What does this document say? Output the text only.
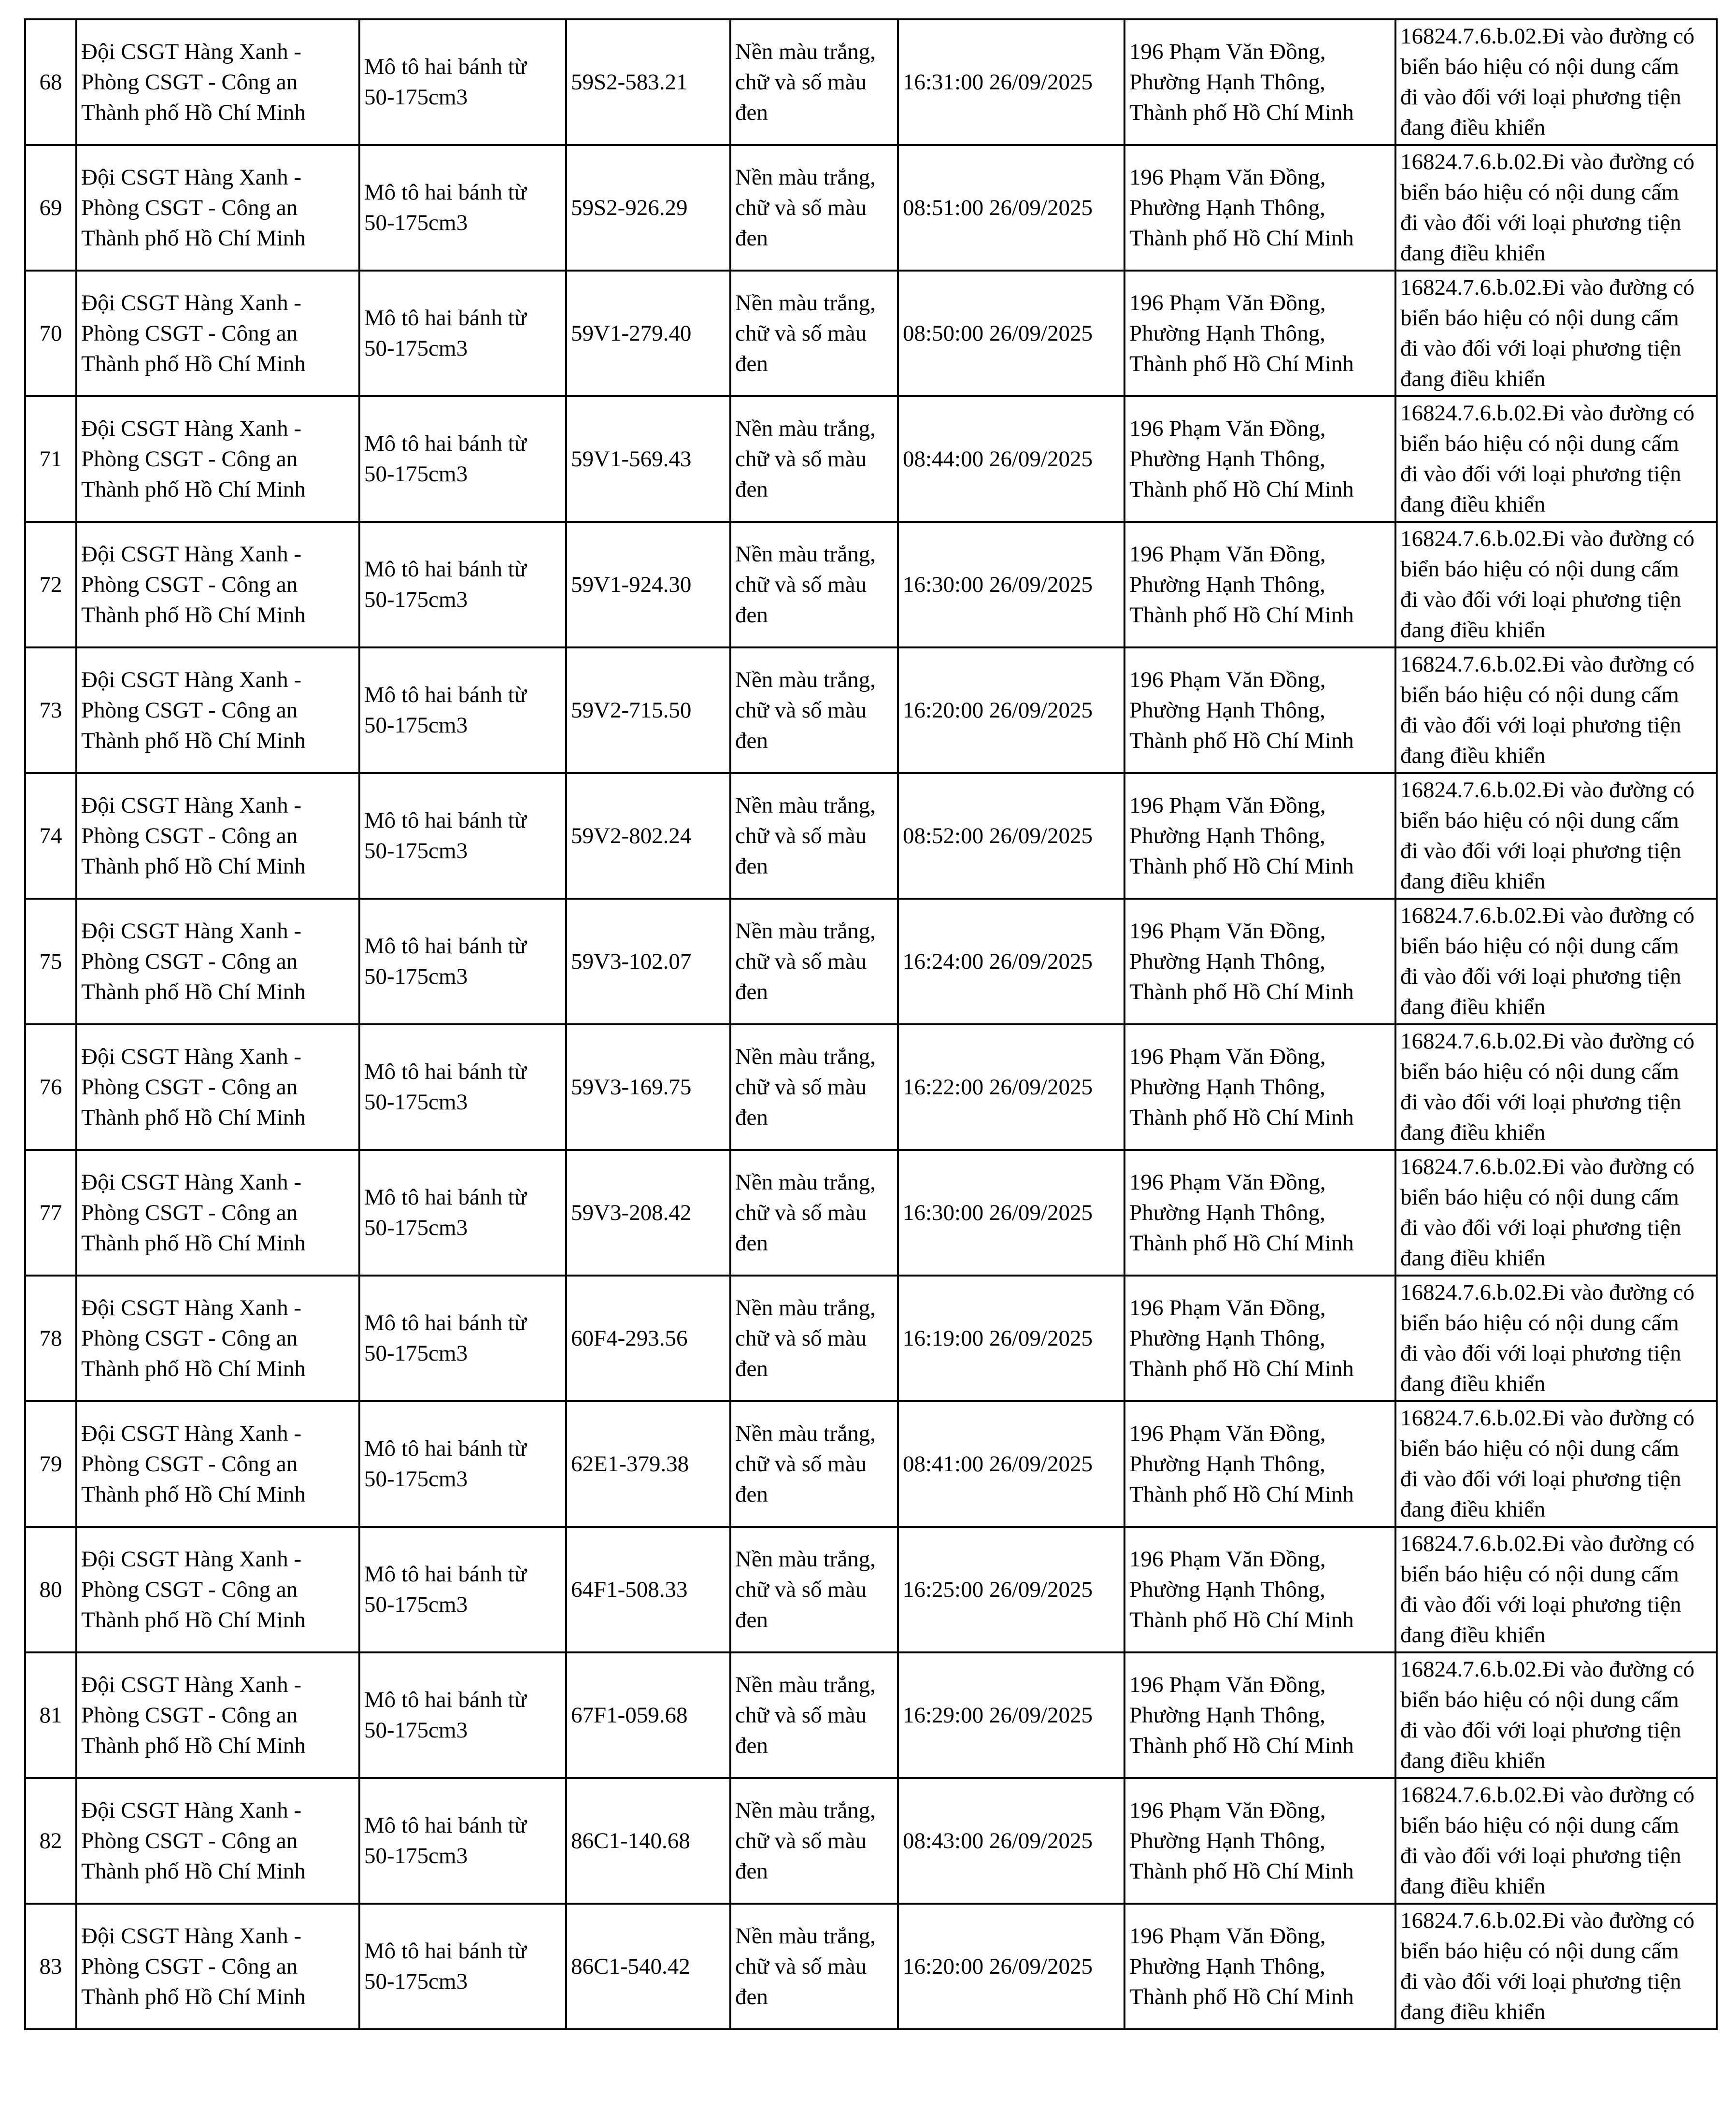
68	Đội CSGT Hàng Xanh -
Phòng CSGT - Công an
Thành phố Hồ Chí Minh	Mô tô hai bánh từ
50-175cm3	59S2-583.21	Nền màu trắng,
chữ và số màu
đen	16:31:00 26/09/2025	196 Phạm Văn Đồng,
Phường Hạnh Thông,
Thành phố Hồ Chí Minh	16824.7.6.b.02.Đi vào đường có
biển báo hiệu có nội dung cấm
đi vào đối với loại phương tiện
đang điều khiển

69	Đội CSGT Hàng Xanh -
Phòng CSGT - Công an
Thành phố Hồ Chí Minh	Mô tô hai bánh từ
50-175cm3	59S2-926.29	Nền màu trắng,
chữ và số màu
đen	08:51:00 26/09/2025	196 Phạm Văn Đồng,
Phường Hạnh Thông,
Thành phố Hồ Chí Minh	16824.7.6.b.02.Đi vào đường có
biển báo hiệu có nội dung cấm
đi vào đối với loại phương tiện
đang điều khiển

70	Đội CSGT Hàng Xanh -
Phòng CSGT - Công an
Thành phố Hồ Chí Minh	Mô tô hai bánh từ
50-175cm3	59V1-279.40	Nền màu trắng,
chữ và số màu
đen	08:50:00 26/09/2025	196 Phạm Văn Đồng,
Phường Hạnh Thông,
Thành phố Hồ Chí Minh	16824.7.6.b.02.Đi vào đường có
biển báo hiệu có nội dung cấm
đi vào đối với loại phương tiện
đang điều khiển

71	Đội CSGT Hàng Xanh -
Phòng CSGT - Công an
Thành phố Hồ Chí Minh	Mô tô hai bánh từ
50-175cm3	59V1-569.43	Nền màu trắng,
chữ và số màu
đen	08:44:00 26/09/2025	196 Phạm Văn Đồng,
Phường Hạnh Thông,
Thành phố Hồ Chí Minh	16824.7.6.b.02.Đi vào đường có
biển báo hiệu có nội dung cấm
đi vào đối với loại phương tiện
đang điều khiển

72	Đội CSGT Hàng Xanh -
Phòng CSGT - Công an
Thành phố Hồ Chí Minh	Mô tô hai bánh từ
50-175cm3	59V1-924.30	Nền màu trắng,
chữ và số màu
đen	16:30:00 26/09/2025	196 Phạm Văn Đồng,
Phường Hạnh Thông,
Thành phố Hồ Chí Minh	16824.7.6.b.02.Đi vào đường có
biển báo hiệu có nội dung cấm
đi vào đối với loại phương tiện
đang điều khiển

73	Đội CSGT Hàng Xanh -
Phòng CSGT - Công an
Thành phố Hồ Chí Minh	Mô tô hai bánh từ
50-175cm3	59V2-715.50	Nền màu trắng,
chữ và số màu
đen	16:20:00 26/09/2025	196 Phạm Văn Đồng,
Phường Hạnh Thông,
Thành phố Hồ Chí Minh	16824.7.6.b.02.Đi vào đường có
biển báo hiệu có nội dung cấm
đi vào đối với loại phương tiện
đang điều khiển

74	Đội CSGT Hàng Xanh -
Phòng CSGT - Công an
Thành phố Hồ Chí Minh	Mô tô hai bánh từ
50-175cm3	59V2-802.24	Nền màu trắng,
chữ và số màu
đen	08:52:00 26/09/2025	196 Phạm Văn Đồng,
Phường Hạnh Thông,
Thành phố Hồ Chí Minh	16824.7.6.b.02.Đi vào đường có
biển báo hiệu có nội dung cấm
đi vào đối với loại phương tiện
đang điều khiển

75	Đội CSGT Hàng Xanh -
Phòng CSGT - Công an
Thành phố Hồ Chí Minh	Mô tô hai bánh từ
50-175cm3	59V3-102.07	Nền màu trắng,
chữ và số màu
đen	16:24:00 26/09/2025	196 Phạm Văn Đồng,
Phường Hạnh Thông,
Thành phố Hồ Chí Minh	16824.7.6.b.02.Đi vào đường có
biển báo hiệu có nội dung cấm
đi vào đối với loại phương tiện
đang điều khiển

76	Đội CSGT Hàng Xanh -
Phòng CSGT - Công an
Thành phố Hồ Chí Minh	Mô tô hai bánh từ
50-175cm3	59V3-169.75	Nền màu trắng,
chữ và số màu
đen	16:22:00 26/09/2025	196 Phạm Văn Đồng,
Phường Hạnh Thông,
Thành phố Hồ Chí Minh	16824.7.6.b.02.Đi vào đường có
biển báo hiệu có nội dung cấm
đi vào đối với loại phương tiện
đang điều khiển

77	Đội CSGT Hàng Xanh -
Phòng CSGT - Công an
Thành phố Hồ Chí Minh	Mô tô hai bánh từ
50-175cm3	59V3-208.42	Nền màu trắng,
chữ và số màu
đen	16:30:00 26/09/2025	196 Phạm Văn Đồng,
Phường Hạnh Thông,
Thành phố Hồ Chí Minh	16824.7.6.b.02.Đi vào đường có
biển báo hiệu có nội dung cấm
đi vào đối với loại phương tiện
đang điều khiển

78	Đội CSGT Hàng Xanh -
Phòng CSGT - Công an
Thành phố Hồ Chí Minh	Mô tô hai bánh từ
50-175cm3	60F4-293.56	Nền màu trắng,
chữ và số màu
đen	16:19:00 26/09/2025	196 Phạm Văn Đồng,
Phường Hạnh Thông,
Thành phố Hồ Chí Minh	16824.7.6.b.02.Đi vào đường có
biển báo hiệu có nội dung cấm
đi vào đối với loại phương tiện
đang điều khiển

79	Đội CSGT Hàng Xanh -
Phòng CSGT - Công an
Thành phố Hồ Chí Minh	Mô tô hai bánh từ
50-175cm3	62E1-379.38	Nền màu trắng,
chữ và số màu
đen	08:41:00 26/09/2025	196 Phạm Văn Đồng,
Phường Hạnh Thông,
Thành phố Hồ Chí Minh	16824.7.6.b.02.Đi vào đường có
biển báo hiệu có nội dung cấm
đi vào đối với loại phương tiện
đang điều khiển

80	Đội CSGT Hàng Xanh -
Phòng CSGT - Công an
Thành phố Hồ Chí Minh	Mô tô hai bánh từ
50-175cm3	64F1-508.33	Nền màu trắng,
chữ và số màu
đen	16:25:00 26/09/2025	196 Phạm Văn Đồng,
Phường Hạnh Thông,
Thành phố Hồ Chí Minh	16824.7.6.b.02.Đi vào đường có
biển báo hiệu có nội dung cấm
đi vào đối với loại phương tiện
đang điều khiển

81	Đội CSGT Hàng Xanh -
Phòng CSGT - Công an
Thành phố Hồ Chí Minh	Mô tô hai bánh từ
50-175cm3	67F1-059.68	Nền màu trắng,
chữ và số màu
đen	16:29:00 26/09/2025	196 Phạm Văn Đồng,
Phường Hạnh Thông,
Thành phố Hồ Chí Minh	16824.7.6.b.02.Đi vào đường có
biển báo hiệu có nội dung cấm
đi vào đối với loại phương tiện
đang điều khiển

82	Đội CSGT Hàng Xanh -
Phòng CSGT - Công an
Thành phố Hồ Chí Minh	Mô tô hai bánh từ
50-175cm3	86C1-140.68	Nền màu trắng,
chữ và số màu
đen	08:43:00 26/09/2025	196 Phạm Văn Đồng,
Phường Hạnh Thông,
Thành phố Hồ Chí Minh	16824.7.6.b.02.Đi vào đường có
biển báo hiệu có nội dung cấm
đi vào đối với loại phương tiện
đang điều khiển

83	Đội CSGT Hàng Xanh -
Phòng CSGT - Công an
Thành phố Hồ Chí Minh	Mô tô hai bánh từ
50-175cm3	86C1-540.42	Nền màu trắng,
chữ và số màu
đen	16:20:00 26/09/2025	196 Phạm Văn Đồng,
Phường Hạnh Thông,
Thành phố Hồ Chí Minh	16824.7.6.b.02.Đi vào đường có
biển báo hiệu có nội dung cấm
đi vào đối với loại phương tiện
đang điều khiển
